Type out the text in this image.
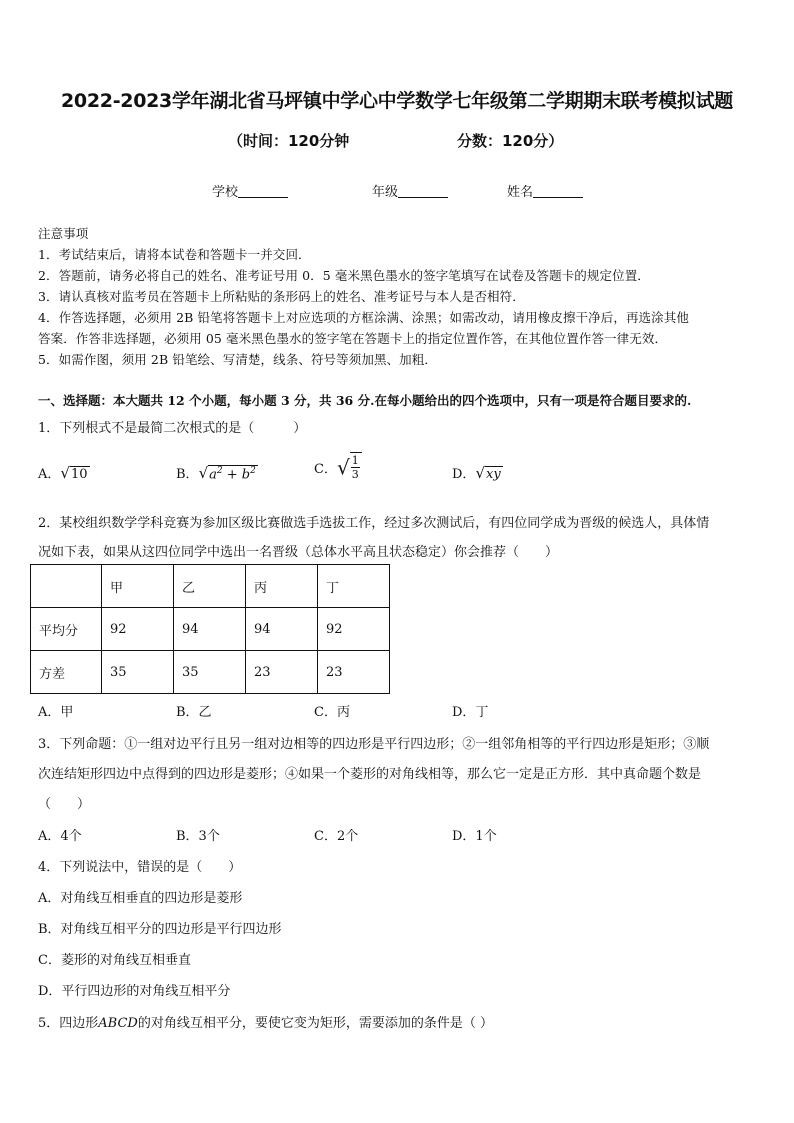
2022-2023学年湖北省马坪镇中学心中学数学七年级第二学期期末联考模拟试题
（时间：120分钟	分数：120分）
学校	年级	姓名
注意事项
1．考试结束后，请将本试卷和答题卡一并交回．
2．答题前，请务必将自己的姓名、准考证号用 0．5 毫米黑色墨水的签字笔填写在试卷及答题卡的规定位置．
3．请认真核对监考员在答题卡上所粘贴的条形码上的姓名、准考证号与本人是否相符．
4．作答选择题，必须用 2B 铅笔将答题卡上对应选项的方框涂满、涂黑；如需改动，请用橡皮擦干净后，再选涂其他
答案．作答非选择题，必须用 05 毫米黑色墨水的签字笔在答题卡上的指定位置作答，在其他位置作答一律无效．
5．如需作图，须用 2B 铅笔绘、写清楚，线条、符号等须加黑、加粗．
一、选择题：本大题共 12 个小题，每小题 3 分，共 36 分.在每小题给出的四个选项中，只有一项是符合题目要求的.
1．下列根式不是最简二次根式的是（　　　）
A．√10	B．$√a^2 + b^2$	C．√ $\frac{1}{3}$	D．√xy
2．某校组织数学学科竞赛为参加区级比赛做选手选拔工作，经过多次测试后，有四位同学成为晋级的候选人，具体情
况如下表，如果从这四位同学中选出一名晋级（总体水平高且状态稳定）你会推荐（　　）
	甲	乙	丙	丁
平均分	92	94	94	92
方差	35	35	23	23
A．甲	B．乙	C．丙	D．丁
3．下列命题：①一组对边平行且另一组对边相等的四边形是平行四边形；②一组邻角相等的平行四边形是矩形；③顺
次连结矩形四边中点得到的四边形是菱形；④如果一个菱形的对角线相等，那么它一定是正方形．其中真命题个数是
（　　）
A．4个	B．3个	C．2个	D．1个
4．下列说法中，错误的是（　　）
A．对角线互相垂直的四边形是菱形
B．对角线互相平分的四边形是平行四边形
C．菱形的对角线互相垂直
D．平行四边形的对角线互相平分
5．四边形ABCD的对角线互相平分，要使它变为矩形，需要添加的条件是（ ）
